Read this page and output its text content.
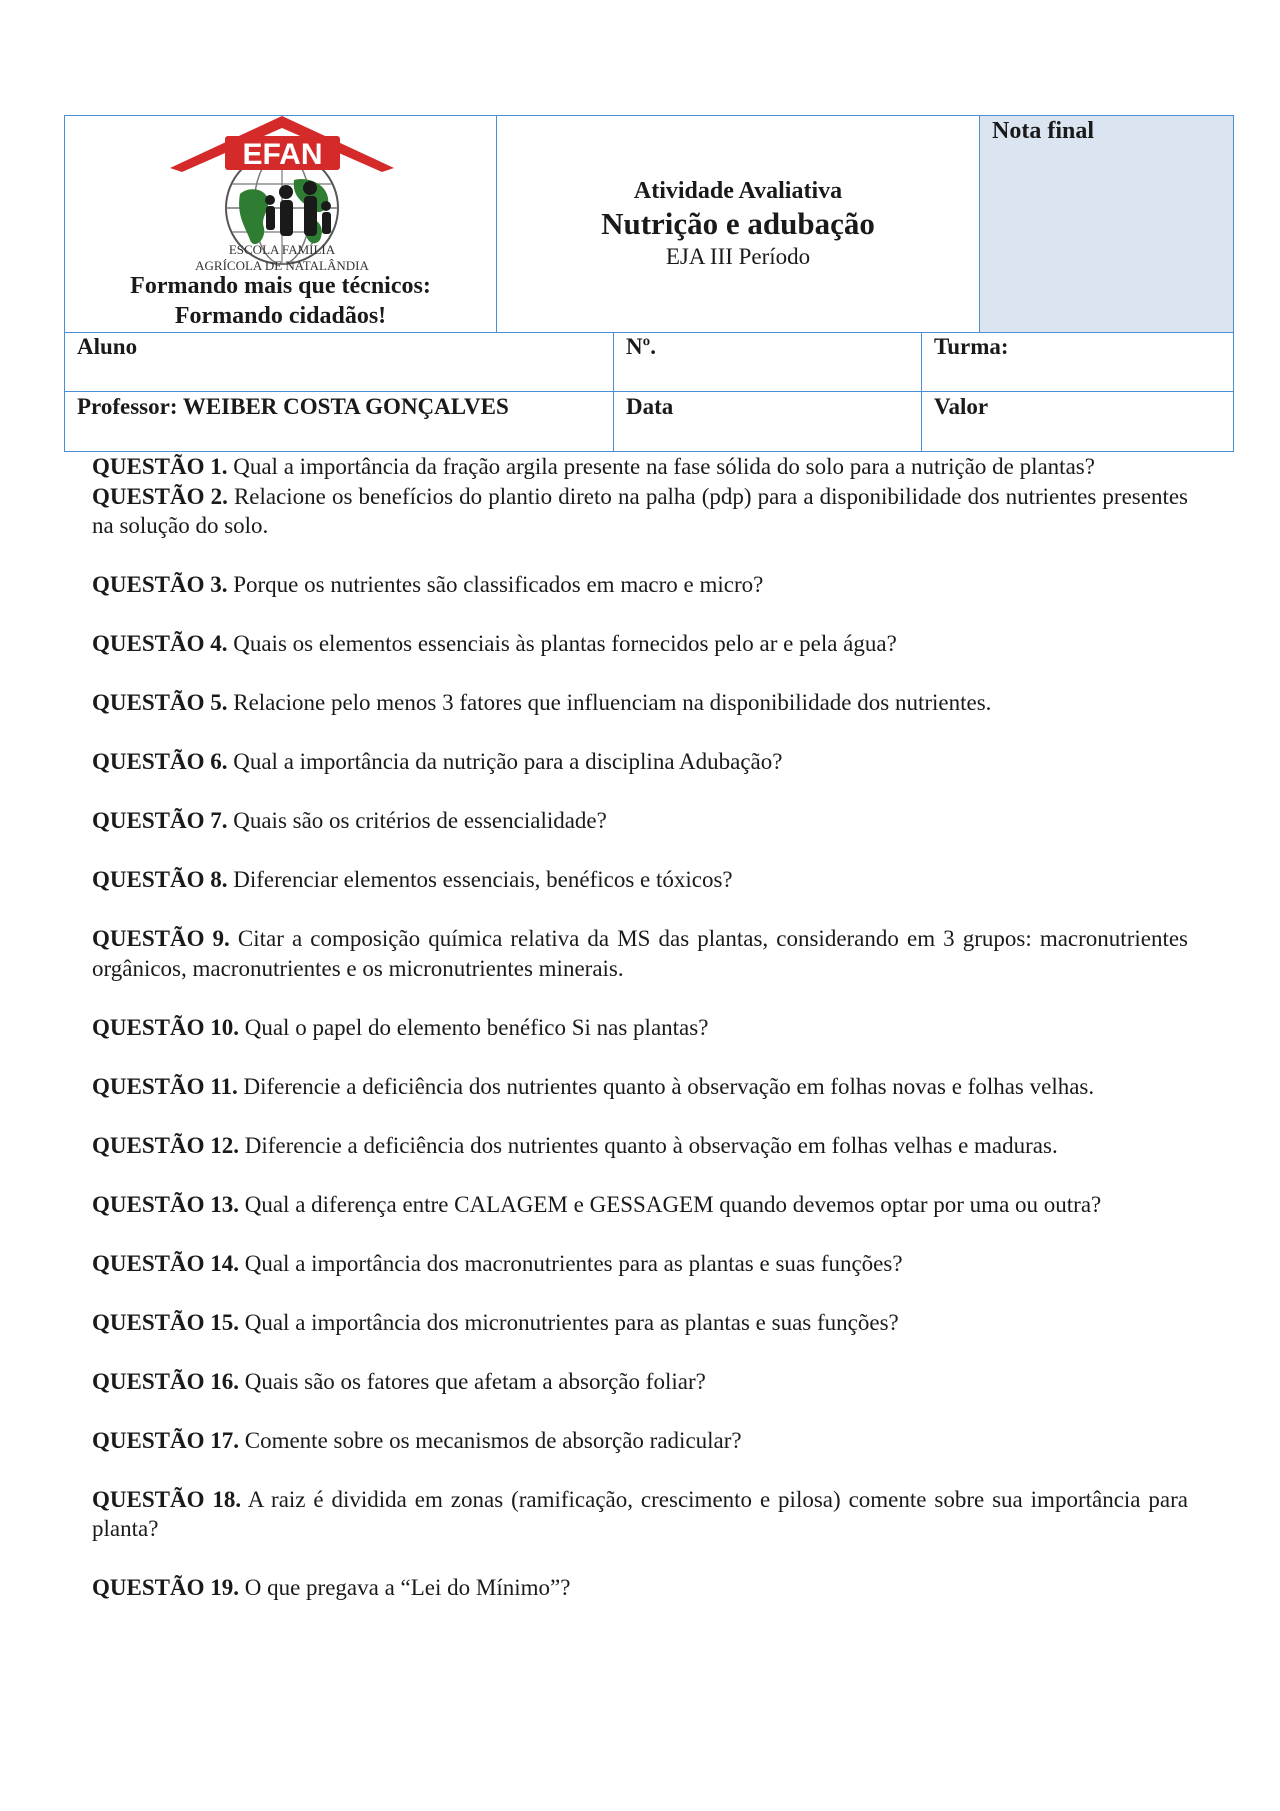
EFAN
ESCOLA FAMÍLIA
AGRÍCOLA DE NATALÂNDIA
Formando mais que técnicos:
Formando cidadãos!
Atividade Avaliativa
Nutrição e adubação
EJA III Período
Nota final
Aluno	Nº.	Turma:
Professor: WEIBER COSTA GONÇALVES	Data	Valor

QUESTÃO 1. Qual a importância da fração argila presente na fase sólida do solo para a nutrição de plantas?

QUESTÃO 2. Relacione os benefícios do plantio direto na palha (pdp) para a disponibilidade dos nutrientes presentes na solução do solo.

QUESTÃO 3. Porque os nutrientes são classificados em macro e micro?

QUESTÃO 4. Quais os elementos essenciais às plantas fornecidos pelo ar e pela água?

QUESTÃO 5. Relacione pelo menos 3 fatores que influenciam na disponibilidade dos nutrientes.

QUESTÃO 6. Qual a importância da nutrição para a disciplina Adubação?

QUESTÃO 7. Quais são os critérios de essencialidade?

QUESTÃO 8. Diferenciar elementos essenciais, benéficos e tóxicos?

QUESTÃO 9. Citar a composição química relativa da MS das plantas, considerando em 3 grupos: macronutrientes orgânicos, macronutrientes e os micronutrientes minerais.

QUESTÃO 10. Qual o papel do elemento benéfico Si nas plantas?

QUESTÃO 11. Diferencie a deficiência dos nutrientes quanto à observação em folhas novas e folhas velhas.

QUESTÃO 12. Diferencie a deficiência dos nutrientes quanto à observação em folhas velhas e maduras.

QUESTÃO 13. Qual a diferença entre CALAGEM e GESSAGEM quando devemos optar por uma ou outra?

QUESTÃO 14. Qual a importância dos macronutrientes para as plantas e suas funções?

QUESTÃO 15. Qual a importância dos micronutrientes para as plantas e suas funções?

QUESTÃO 16. Quais são os fatores que afetam a absorção foliar?

QUESTÃO 17. Comente sobre os mecanismos de absorção radicular?

QUESTÃO 18. A raiz é dividida em zonas (ramificação, crescimento e pilosa) comente sobre sua importância para planta?

QUESTÃO 19. O que pregava a “Lei do Mínimo”?
